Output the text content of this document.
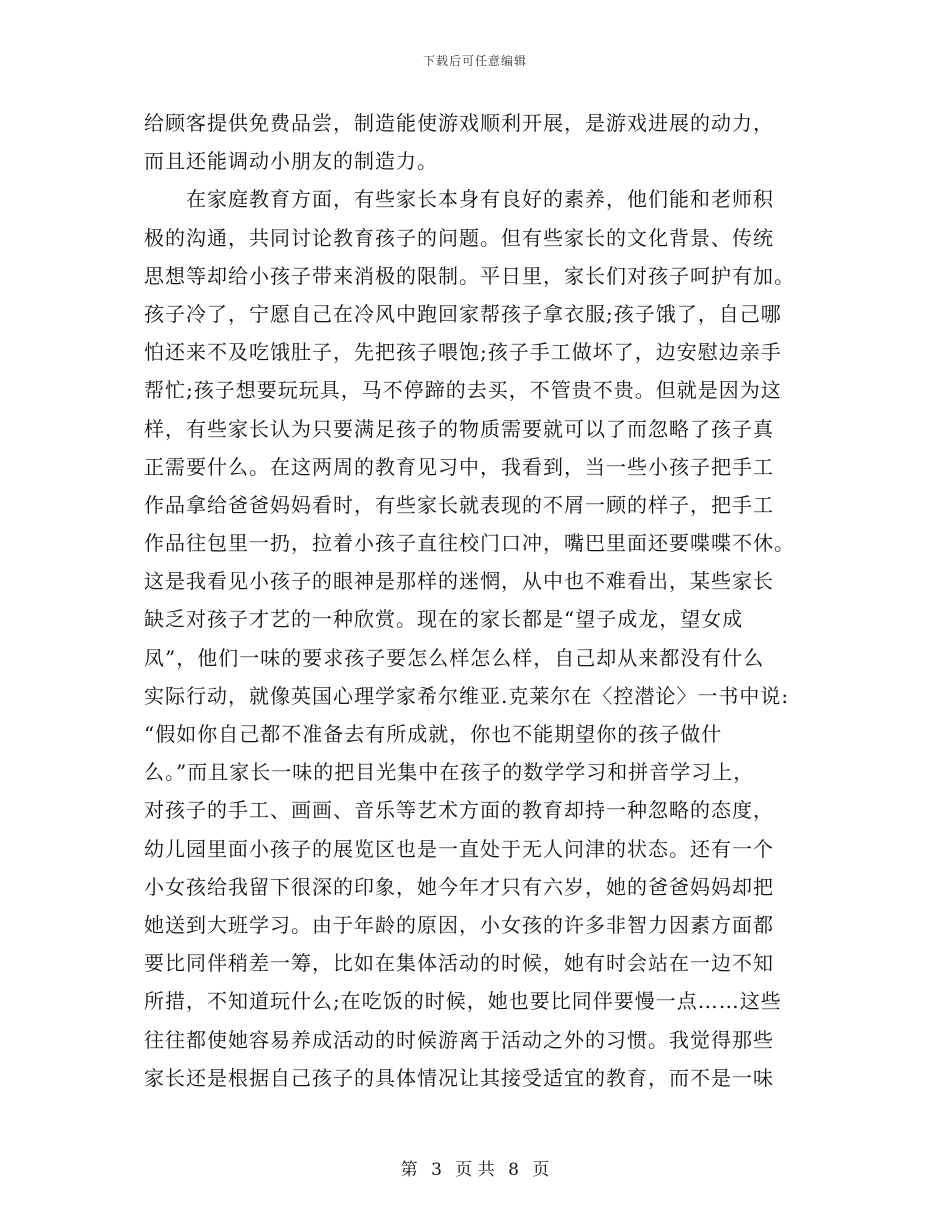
下载后可任意编辑
给顾客提供免费品尝，制造能使游戏顺利开展，是游戏进展的动力，
而且还能调动小朋友的制造力。
　　在家庭教育方面，有些家长本身有良好的素养，他们能和老师积
极的沟通，共同讨论教育孩子的问题。但有些家长的文化背景、传统
思想等却给小孩子带来消极的限制。平日里，家长们对孩子呵护有加。
孩子冷了，宁愿自己在冷风中跑回家帮孩子拿衣服;孩子饿了，自己哪
怕还来不及吃饿肚子，先把孩子喂饱;孩子手工做坏了，边安慰边亲手
帮忙;孩子想要玩玩具，马不停蹄的去买，不管贵不贵。但就是因为这
样，有些家长认为只要满足孩子的物质需要就可以了而忽略了孩子真
正需要什么。在这两周的教育见习中，我看到，当一些小孩子把手工
作品拿给爸爸妈妈看时，有些家长就表现的不屑一顾的样子，把手工
作品往包里一扔，拉着小孩子直往校门口冲，嘴巴里面还要喋喋不休。
这是我看见小孩子的眼神是那样的迷惘，从中也不难看出，某些家长
缺乏对孩子才艺的一种欣赏。现在的家长都是“望子成龙，望女成
凤”，他们一味的要求孩子要怎么样怎么样，自己却从来都没有什么
实际行动，就像英国心理学家希尔维亚.克莱尔在〈控潜论〉一书中说:
“假如你自己都不准备去有所成就，你也不能期望你的孩子做什
么。”而且家长一味的把目光集中在孩子的数学学习和拼音学习上，
对孩子的手工、画画、音乐等艺术方面的教育却持一种忽略的态度，
幼儿园里面小孩子的展览区也是一直处于无人问津的状态。还有一个
小女孩给我留下很深的印象，她今年才只有六岁，她的爸爸妈妈却把
她送到大班学习。由于年龄的原因，小女孩的许多非智力因素方面都
要比同伴稍差一筹，比如在集体活动的时候，她有时会站在一边不知
所措，不知道玩什么;在吃饭的时候，她也要比同伴要慢一点……这些
往往都使她容易养成活动的时候游离于活动之外的习惯。我觉得那些
家长还是根据自己孩子的具体情况让其接受适宜的教育，而不是一味
第 3 页 共 8 页
